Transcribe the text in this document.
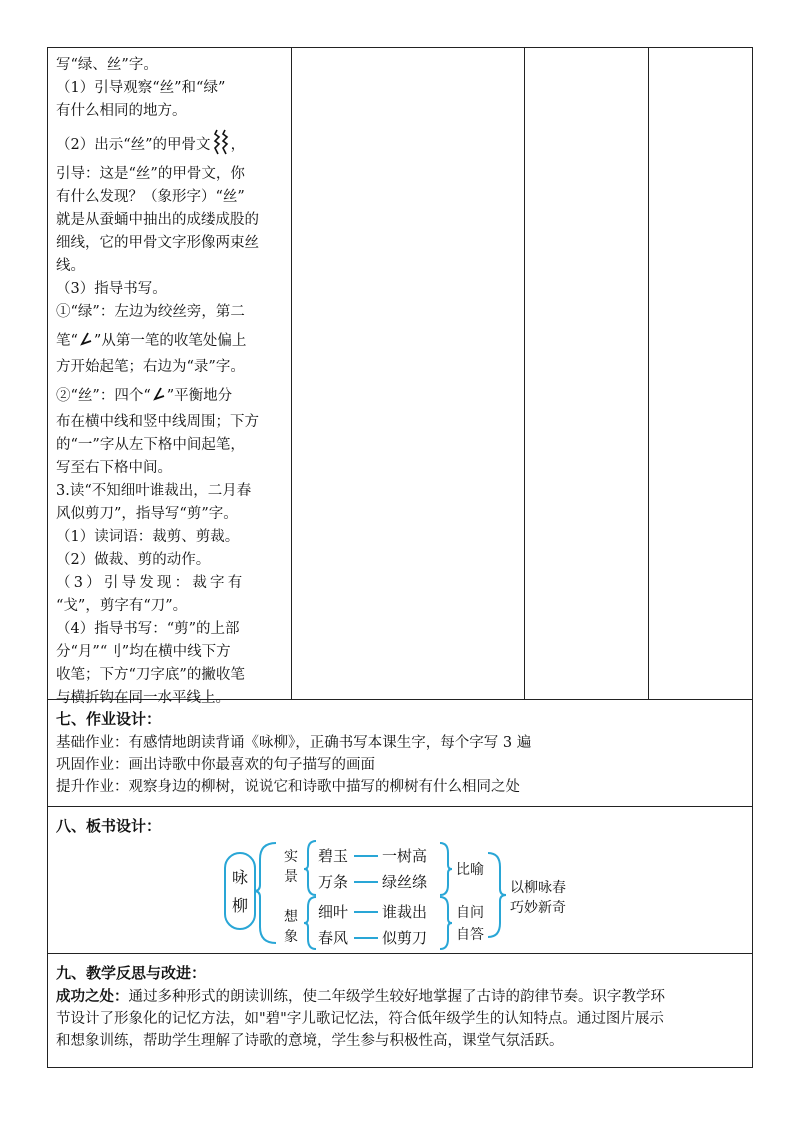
写“绿、丝”字。

（1）引导观察“丝”和“绿”

有什么相同的地方。

（2）出示“丝”的甲骨文 ，

引导：这是“丝”的甲骨文，你

有什么发现？（象形字）“丝”

就是从蚕蛹中抽出的成缕成股的

细线，它的甲骨文字形像两束丝

线。

（3）指导书写。

①“绿”：左边为绞丝旁，第二

笔“ ”从第一笔的收笔处偏上

方开始起笔；右边为“录”字。

②“丝”：四个“ ”平衡地分

布在横中线和竖中线周围；下方

的“一”字从左下格中间起笔，

写至右下格中间。

3.读“不知细叶谁裁出，二月春

风似剪刀”，指导写“剪”字。

（1）读词语：裁剪、剪裁。

（2）做裁、剪的动作。

（3）引导发现：裁字有

“戈”，剪字有“刀”。

（4）指导书写：“剪”的上部

分“月”“刂”均在横中线下方

收笔；下方“刀字底”的撇收笔

与横折钩在同一水平线上。

七、作业设计：

基础作业：有感情地朗读背诵《咏柳》，正确书写本课生字，每个字写 3 遍

巩固作业：画出诗歌中你最喜欢的句子描写的画面

提升作业：观察身边的柳树，说说它和诗歌中描写的柳树有什么相同之处

八、板书设计：
咏
柳
实
景
想
象
碧玉
万条
细叶
春风
一树高
绿丝绦
谁裁出
似剪刀
比喻
自问
自答
以柳咏春
巧妙新奇

九、教学反思与改进：

成功之处：通过多种形式的朗读训练，使二年级学生较好地掌握了古诗的韵律节奏。识字教学环

节设计了形象化的记忆方法，如"碧"字儿歌记忆法，符合低年级学生的认知特点。通过图片展示

和想象训练，帮助学生理解了诗歌的意境，学生参与积极性高，课堂气氛活跃。
